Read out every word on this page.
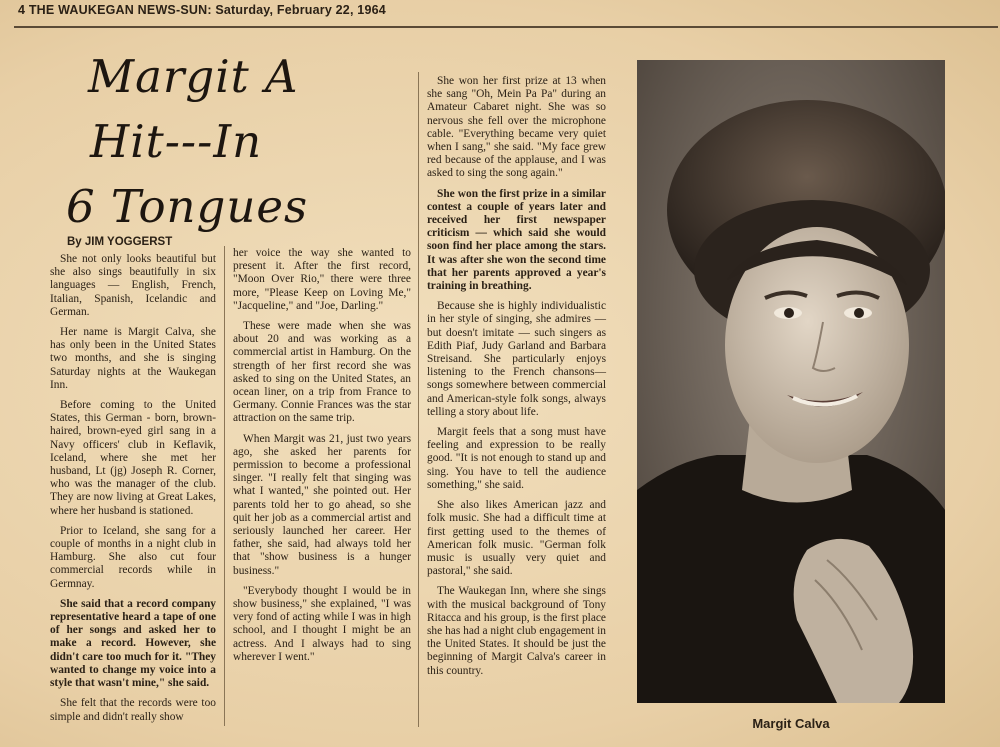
4 THE WAUKEGAN NEWS-SUN: Saturday, February 22, 1964
Margit A
Hit---In
6 Tongues
By JIM YOGGERST

She not only looks beautiful but she also sings beautifully in six languages — English, French, Italian, Spanish, Icelandic and German.

Her name is Margit Calva, she has only been in the United States two months, and she is singing Saturday nights at the Waukegan Inn.

Before coming to the United States, this German - born, brown-haired, brown-eyed girl sang in a Navy officers' club in Keflavik, Iceland, where she met her husband, Lt (jg) Joseph R. Corner, who was the manager of the club. They are now living at Great Lakes, where her husband is stationed.

Prior to Iceland, she sang for a couple of months in a night club in Hamburg. She also cut four commercial records while in Germnay.

She said that a record company representative heard a tape of one of her songs and asked her to make a record. However, she didn't care too much for it. "They wanted to change my voice into a style that wasn't mine," she said.

She felt that the records were too simple and didn't really show

her voice the way she wanted to present it. After the first record, "Moon Over Rio," there were three more, "Please Keep on Loving Me," "Jacqueline," and "Joe, Darling."

These were made when she was about 20 and was working as a commercial artist in Hamburg. On the strength of her first record she was asked to sing on the United States, an ocean liner, on a trip from France to Germany. Connie Frances was the star attraction on the same trip.

When Margit was 21, just two years ago, she asked her parents for permission to become a professional singer. "I really felt that singing was what I wanted," she pointed out. Her parents told her to go ahead, so she quit her job as a commercial artist and seriously launched her career. Her father, she said, had always told her that "show business is a hunger business."

"Everybody thought I would be in show business," she explained, "I was very fond of acting while I was in high school, and I thought I might be an actress. And I always had to sing wherever I went."

She won her first prize at 13 when she sang "Oh, Mein Pa Pa" during an Amateur Cabaret night. She was so nervous she fell over the microphone cable. "Everything became very quiet when I sang," she said. "My face grew red because of the applause, and I was asked to sing the song again."

She won the first prize in a similar contest a couple of years later and received her first newspaper criticism — which said she would soon find her place among the stars. It was after she won the second time that her parents approved a year's training in breathing.

Because she is highly individualistic in her style of singing, she admires — but doesn't imitate — such singers as Edith Piaf, Judy Garland and Barbara Streisand. She particularly enjoys listening to the French chansons—songs somewhere between commercial and American-style folk songs, always telling a story about life.

Margit feels that a song must have feeling and expression to be really good. "It is not enough to stand up and sing. You have to tell the audience something," she said.

She also likes American jazz and folk music. She had a difficult time at first getting used to the themes of American folk music. "German folk music is usually very quiet and pastoral," she said.

The Waukegan Inn, where she sings with the musical background of Tony Ritacca and his group, is the first place she has had a night club engagement in the United States. It should be just the beginning of Margit Calva's career in this country.

Margit Calva
